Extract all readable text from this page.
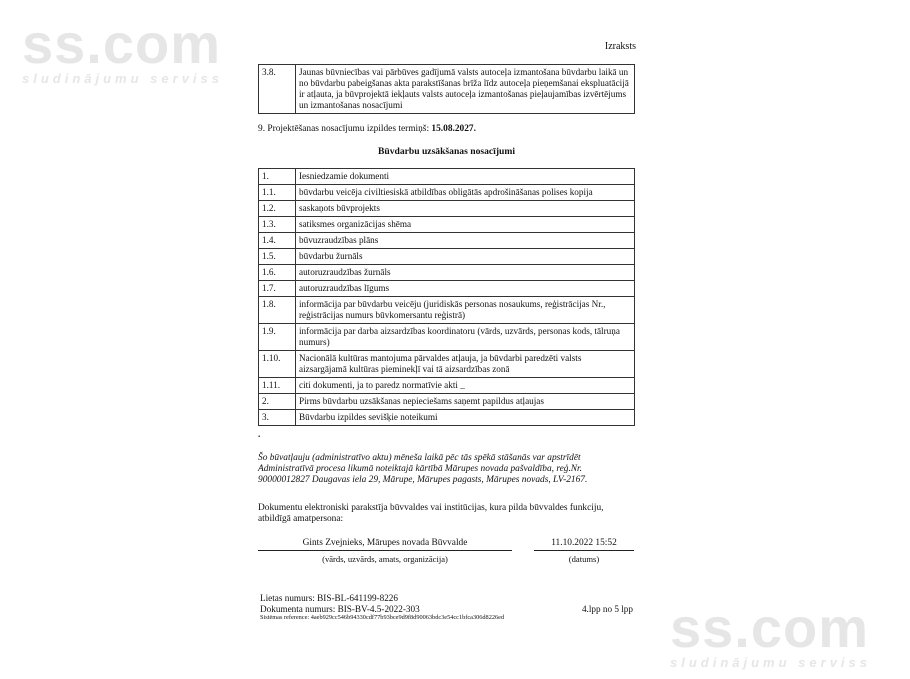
ss.com
sludinājumu serviss
ss.com
sludinājumu serviss
Izraksts
3.8.	Jaunas būvniecības vai pārbūves gadījumā valsts autoceļa izmantošana būvdarbu laikā un no būvdarbu pabeigšanas akta parakstīšanas brīža līdz autoceļa pieņemšanai ekspluatācijā ir atļauta, ja būvprojektā iekļauts valsts autoceļa izmantošanas pieļaujamības izvērtējums un izmantošanas nosacījumi
9. Projektēšanas nosacījumu izpildes termiņš: 15.08.2027.
Būvdarbu uzsākšanas nosacījumi
1.	Iesniedzamie dokumenti
1.1.	būvdarbu veicēja civiltiesiskā atbildības obligātās apdrošināšanas polises kopija
1.2.	saskaņots būvprojekts
1.3.	satiksmes organizācijas shēma
1.4.	būvuzraudzības plāns
1.5.	būvdarbu žurnāls
1.6.	autoruzraudzības žurnāls
1.7.	autoruzraudzības līgums
1.8.	informācija par būvdarbu veicēju (juridiskās personas nosaukums, reģistrācijas Nr., reģistrācijas numurs būvkomersantu reģistrā)
1.9.	informācija par darba aizsardzības koordinatoru (vārds, uzvārds, personas kods, tālruņa numurs)
1.10.	Nacionālā kultūras mantojuma pārvaldes atļauja, ja būvdarbi paredzēti valsts aizsargājamā kultūras pieminekļī vai tā aizsardzības zonā
1.11.	citi dokumenti, ja to paredz normatīvie akti _
2.	Pirms būvdarbu uzsākšanas nepieciešams saņemt papildus atļaujas
3.	Būvdarbu izpildes sevišķie noteikumi
.
Šo būvatļauju (administratīvo aktu) mēneša laikā pēc tās spēkā stāšanās var apstrīdēt
Administratīvā procesa likumā noteiktajā kārtībā Mārupes novada pašvaldība, reģ.Nr.
90000012827 Daugavas iela 29, Mārupe, Mārupes pagasts, Mārupes novads, LV-2167.
Dokumentu elektroniski parakstīja būvvaldes vai institūcijas, kura pilda būvvaldes funkciju,
atbildīgā amatpersona:
Gints Zvejnieks, Mārupes novada Būvvalde	11.10.2022 15:52
(vārds, uzvārds, amats, organizācija)	(datums)
Lietas numurs: BIS-BL-641199-8226
Dokumenta numurs: BIS-BV-4.5-2022-303	4.lpp no 5 lpp
Sistēmas reference: 4aeb929cc546b94330cdf77b93bce9d9f8d90063bdc3e54cc1bfca306d8226ed
